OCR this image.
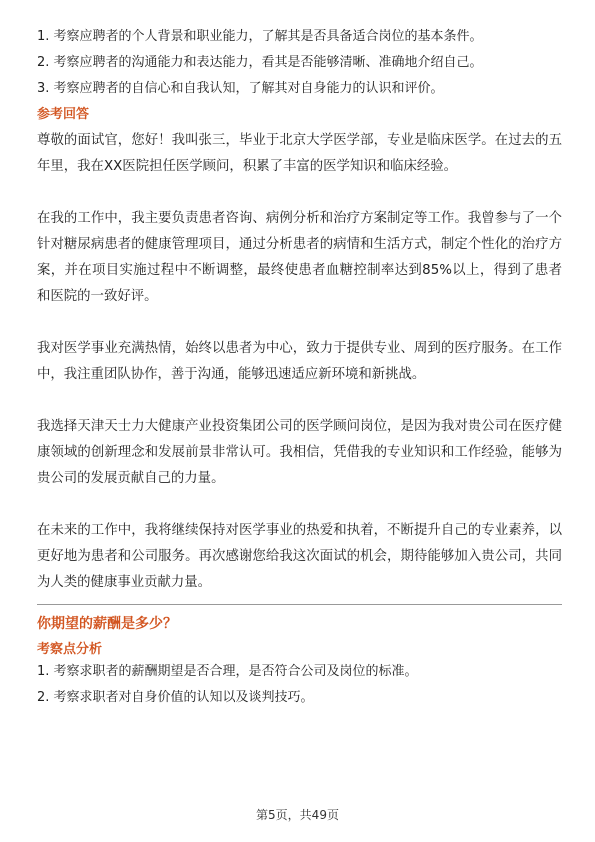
1. 考察应聘者的个人背景和职业能力，了解其是否具备适合岗位的基本条件。

2. 考察应聘者的沟通能力和表达能力，看其是否能够清晰、准确地介绍自己。

3. 考察应聘者的自信心和自我认知，了解其对自身能力的认识和评价。

参考回答

尊敬的面试官，您好！我叫张三，毕业于北京大学医学部，专业是临床医学。在过去的五年里，我在XX医院担任医学顾问，积累了丰富的医学知识和临床经验。

在我的工作中，我主要负责患者咨询、病例分析和治疗方案制定等工作。我曾参与了一个针对糖尿病患者的健康管理项目，通过分析患者的病情和生活方式，制定个性化的治疗方案，并在项目实施过程中不断调整，最终使患者血糖控制率达到85%以上，得到了患者和医院的一致好评。

我对医学事业充满热情，始终以患者为中心，致力于提供专业、周到的医疗服务。在工作中，我注重团队协作，善于沟通，能够迅速适应新环境和新挑战。

我选择天津天士力大健康产业投资集团公司的医学顾问岗位，是因为我对贵公司在医疗健康领域的创新理念和发展前景非常认可。我相信，凭借我的专业知识和工作经验，能够为贵公司的发展贡献自己的力量。

在未来的工作中，我将继续保持对医学事业的热爱和执着，不断提升自己的专业素养，以更好地为患者和公司服务。再次感谢您给我这次面试的机会，期待能够加入贵公司，共同为人类的健康事业贡献力量。

你期望的薪酬是多少？
考察点分析

1. 考察求职者的薪酬期望是否合理，是否符合公司及岗位的标准。

2. 考察求职者对自身价值的认知以及谈判技巧。

第5页，共49页
